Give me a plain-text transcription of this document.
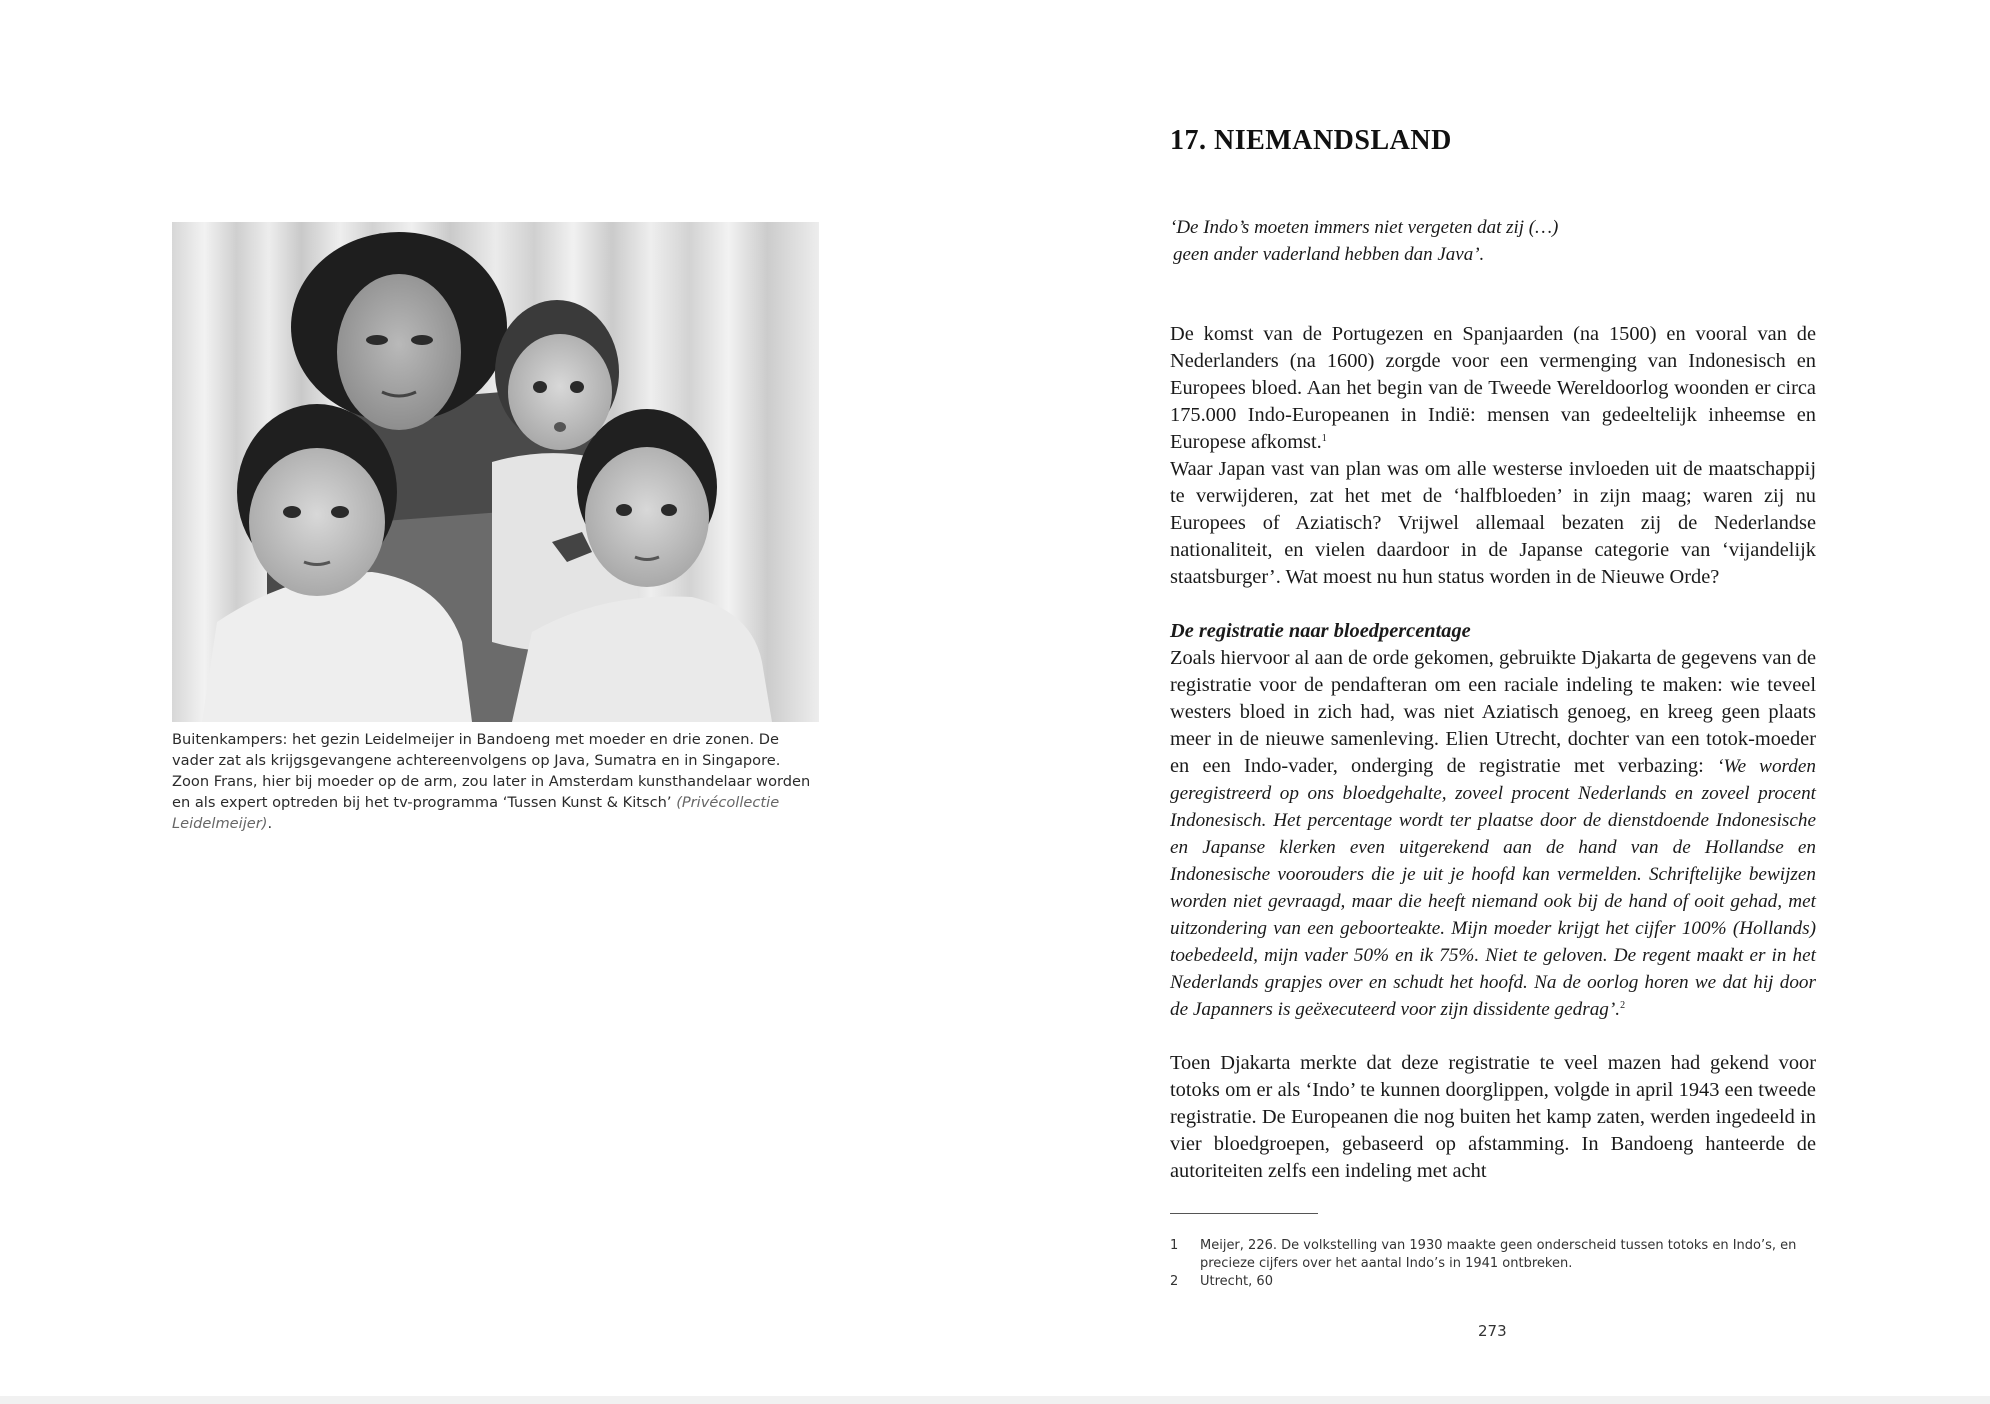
Buitenkampers: het gezin Leidelmeijer in Bandoeng met moeder en drie zonen. De vader zat als krijgsgevangene achtereenvolgens op Java, Sumatra en in Singapore. Zoon Frans, hier bij moeder op de arm, zou later in Amsterdam kunsthandelaar worden en als expert optreden bij het tv-programma ‘Tussen Kunst & Kitsch’ (Privécollectie Leidelmeijer).
17. NIEMANDSLAND
‘De Indo’s moeten immers niet vergeten dat zij (…)
geen ander vaderland hebben dan Java’.

De komst van de Portugezen en Spanjaarden (na 1500) en vooral van de Nederlanders (na 1600) zorgde voor een vermenging van Indonesisch en Europees bloed. Aan het begin van de Tweede Wereldoorlog woonden er circa 175.000 Indo-Europeanen in Indië: mensen van gedeeltelijk inheemse en Europese afkomst.$^1$

Waar Japan vast van plan was om alle westerse invloeden uit de maatschappij te verwijderen, zat het met de ‘halfbloeden’ in zijn maag; waren zij nu Europees of Aziatisch? Vrijwel allemaal bezaten zij de Nederlandse nationaliteit, en vielen daardoor in de Japanse categorie van ‘vijandelijk staatsburger’. Wat moest nu hun status worden in de Nieuwe Orde?

De registratie naar bloedpercentage

Zoals hiervoor al aan de orde gekomen, gebruikte Djakarta de gegevens van de registratie voor de pendafteran om een raciale indeling te maken: wie teveel westers bloed in zich had, was niet Aziatisch genoeg, en kreeg geen plaats meer in de nieuwe samenleving. Elien Utrecht, dochter van een totok-moeder en een Indo-vader, onderging de registratie met verbazing: ‘We worden geregistreerd op ons bloedgehalte, zoveel procent Nederlands en zoveel procent Indonesisch. Het percentage wordt ter plaatse door de dienstdoende Indonesische en Japanse klerken even uitgerekend aan de hand van de Hollandse en Indonesische voorouders die je uit je hoofd kan vermelden. Schriftelijke bewijzen worden niet gevraagd, maar die heeft niemand ook bij de hand of ooit gehad, met uitzondering van een geboorteakte. Mijn moeder krijgt het cijfer 100% (Hollands) toebedeeld, mijn vader 50% en ik 75%. Niet te geloven. De regent maakt er in het Nederlands grapjes over en schudt het hoofd. Na de oorlog horen we dat hij door de Japanners is geëxecuteerd voor zijn dissidente gedrag’.$^2$

Toen Djakarta merkte dat deze registratie te veel mazen had gekend voor totoks om er als ‘Indo’ te kunnen doorglippen, volgde in april 1943 een tweede registratie. De Europeanen die nog buiten het kamp zaten, werden ingedeeld in vier bloedgroepen, gebaseerd op afstamming. In Bandoeng hanteerde de autoriteiten zelfs een indeling met acht

1	Meijer, 226. De volkstelling van 1930 maakte geen onderscheid tussen totoks en Indo’s, en precieze cijfers over het aantal Indo’s in 1941 ontbreken.
2	Utrecht, 60
273
